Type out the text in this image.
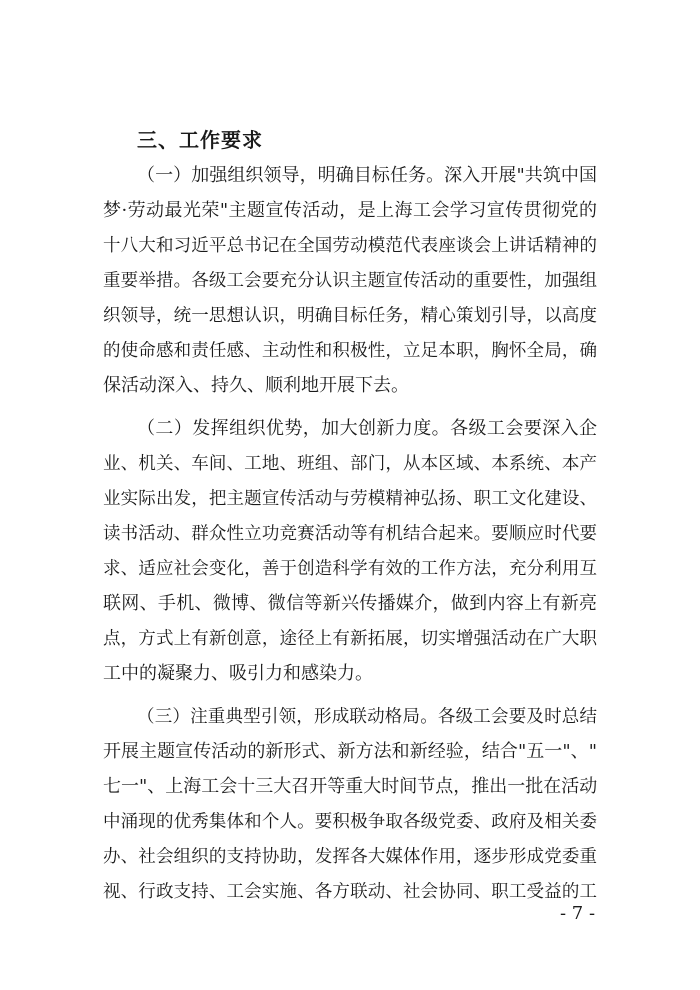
三、工作要求
（一）加强组织领导，明确目标任务。深入开展"共筑中国
梦·劳动最光荣"主题宣传活动，是上海工会学习宣传贯彻党的
十八大和习近平总书记在全国劳动模范代表座谈会上讲话精神的
重要举措。各级工会要充分认识主题宣传活动的重要性，加强组
织领导，统一思想认识，明确目标任务，精心策划引导，以高度
的使命感和责任感、主动性和积极性，立足本职，胸怀全局，确
保活动深入、持久、顺利地开展下去。
（二）发挥组织优势，加大创新力度。各级工会要深入企
业、机关、车间、工地、班组、部门，从本区域、本系统、本产
业实际出发，把主题宣传活动与劳模精神弘扬、职工文化建设、
读书活动、群众性立功竞赛活动等有机结合起来。要顺应时代要
求、适应社会变化，善于创造科学有效的工作方法，充分利用互
联网、手机、微博、微信等新兴传播媒介，做到内容上有新亮
点，方式上有新创意，途径上有新拓展，切实增强活动在广大职
工中的凝聚力、吸引力和感染力。
（三）注重典型引领，形成联动格局。各级工会要及时总结
开展主题宣传活动的新形式、新方法和新经验，结合"五一"、"
七一"、上海工会十三大召开等重大时间节点，推出一批在活动
中涌现的优秀集体和个人。要积极争取各级党委、政府及相关委
办、社会组织的支持协助，发挥各大媒体作用，逐步形成党委重
视、行政支持、工会实施、各方联动、社会协同、职工受益的工
- 7 -
